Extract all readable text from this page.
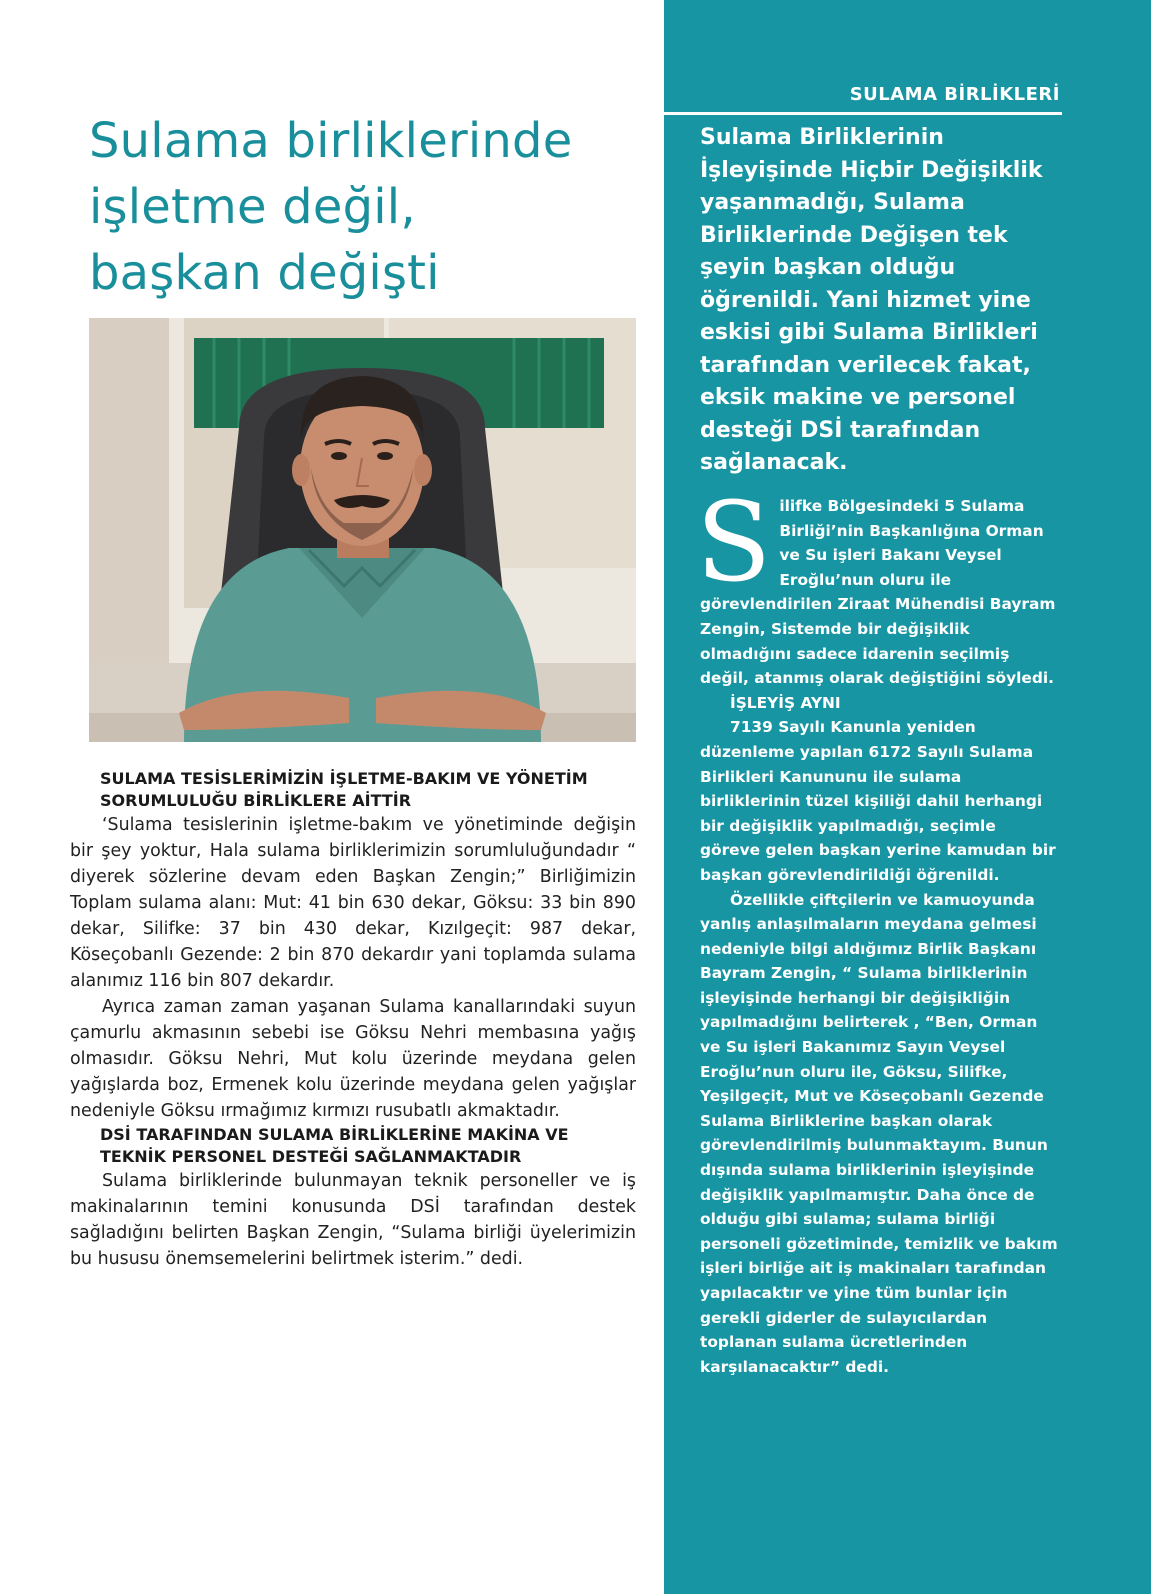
SULAMA BİRLİKLERİ
Sulama birliklerinde
işletme değil,
başkan değişti

SULAMA TESİSLERİMİZİN İŞLETME-BAKIM VE YÖNETİM SORUMLULUĞU BİRLİKLERE AİTTİR

‘Sulama tesislerinin işletme-bakım ve yönetiminde değişin bir şey yoktur, Hala sulama birliklerimizin sorumluluğundadır “ diyerek sözlerine devam eden Başkan Zengin;” Birliğimizin Toplam sulama alanı: Mut: 41 bin 630 dekar, Göksu: 33 bin 890 dekar, Silifke: 37 bin 430 dekar, Kızılgeçit: 987 dekar, Köseçobanlı Gezende: 2 bin 870 dekardır yani toplamda sulama alanımız 116 bin 807 dekardır.

Ayrıca zaman zaman yaşanan Sulama kanallarındaki suyun çamurlu akmasının sebebi ise Göksu Nehri membasına yağış olmasıdır. Göksu Nehri, Mut kolu üzerinde meydana gelen yağışlarda boz, Ermenek kolu üzerinde meydana gelen yağışlar nedeniyle Göksu ırmağımız kırmızı rusubatlı akmaktadır.

DSİ TARAFINDAN SULAMA BİRLİKLERİNE MAKİNA VE TEKNİK PERSONEL DESTEĞİ SAĞLANMAKTADIR

Sulama birliklerinde bulunmayan teknik personeller ve iş makinalarının temini konusunda DSİ tarafından destek sağladığını belirten Başkan Zengin, “Sulama birliği üyelerimizin bu hususu önemsemelerini belirtmek isterim.” dedi.

Sulama Birliklerinin İşleyişinde Hiçbir Değişiklik yaşanmadığı, Sulama Birliklerinde Değişen tek şeyin başkan olduğu öğrenildi. Yani hizmet yine eskisi gibi Sulama Birlikleri tarafından verilecek fakat, eksik makine ve personel desteği DSİ tarafından sağlanacak.

Silifke Bölgesindeki 5 Sulama Birliği’nin Başkanlığına Orman ve Su işleri Bakanı Veysel Eroğlu’nun oluru ile görevlendirilen Ziraat Mühendisi Bayram Zengin, Sistemde bir değişiklik olmadığını sadece idarenin seçilmiş değil, atanmış olarak değiştiğini söyledi.

İŞLEYİŞ AYNI

7139 Sayılı Kanunla yeniden düzenleme yapılan 6172 Sayılı Sulama Birlikleri Kanununu ile sulama birliklerinin tüzel kişiliği dahil herhangi bir değişiklik yapılmadığı, seçimle göreve gelen başkan yerine kamudan bir başkan görevlendirildiği öğrenildi.

Özellikle çiftçilerin ve kamuoyunda yanlış anlaşılmaların meydana gelmesi nedeniyle bilgi aldığımız Birlik Başkanı Bayram Zengin, “ Sulama birliklerinin işleyişinde herhangi bir değişikliğin yapılmadığını belirterek , “Ben, Orman ve Su işleri Bakanımız Sayın Veysel Eroğlu’nun oluru ile, Göksu, Silifke, Yeşilgeçit, Mut ve Köseçobanlı Gezende Sulama Birliklerine başkan olarak görevlendirilmiş bulunmaktayım. Bunun dışında sulama birliklerinin işleyişinde değişiklik yapılmamıştır. Daha önce de olduğu gibi sulama; sulama birliği personeli gözetiminde, temizlik ve bakım işleri birliğe ait iş makinaları tarafından yapılacaktır ve yine tüm bunlar için gerekli giderler de sulayıcılardan toplanan sulama ücretlerinden karşılanacaktır” dedi.
